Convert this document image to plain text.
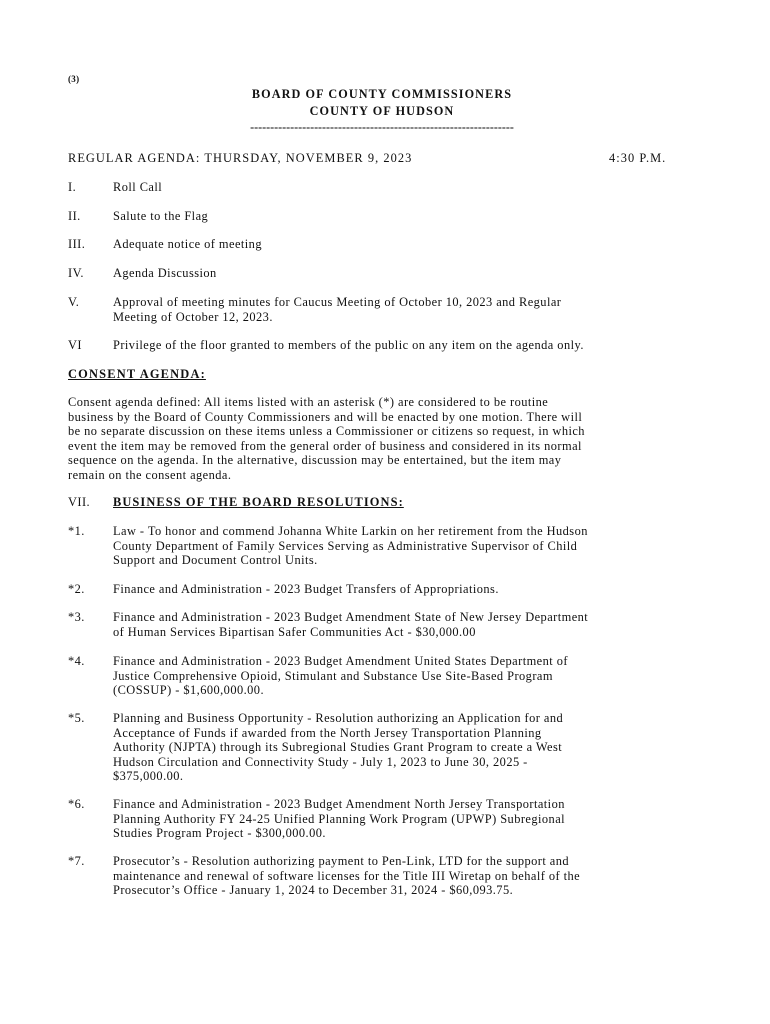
(3)
BOARD OF COUNTY COMMISSIONERS
COUNTY OF HUDSON
------------------------------------------------------------------
REGULAR AGENDA: THURSDAY, NOVEMBER 9, 2023	4:30 P.M.
I.	Roll Call
II.	Salute to the Flag
III. Adequate notice of meeting
IV. Agenda Discussion
V.	Approval of meeting minutes for Caucus Meeting of October 10, 2023 and Regular
Meeting of October 12, 2023.
VI	Privilege of the floor granted to members of the public on any item on the agenda only.
CONSENT AGENDA:
Consent agenda defined: All items listed with an asterisk (*) are considered to be routine
business by the Board of County Commissioners and will be enacted by one motion. There will
be no separate discussion on these items unless a Commissioner or citizens so request, in which
event the item may be removed from the general order of business and considered in its normal
sequence on the agenda. In the alternative, discussion may be entertained, but the item may
remain on the consent agenda.
VII. BUSINESS OF THE BOARD RESOLUTIONS:
*1. Law - To honor and commend Johanna White Larkin on her retirement from the Hudson
County Department of Family Services Serving as Administrative Supervisor of Child
Support and Document Control Units.
*2. Finance and Administration - 2023 Budget Transfers of Appropriations.
*3. Finance and Administration - 2023 Budget Amendment State of New Jersey Department
of Human Services Bipartisan Safer Communities Act - $30,000.00
*4. Finance and Administration - 2023 Budget Amendment United States Department of
Justice Comprehensive Opioid, Stimulant and Substance Use Site-Based Program
(COSSUP) - $1,600,000.00.
*5. Planning and Business Opportunity - Resolution authorizing an Application for and
Acceptance of Funds if awarded from the North Jersey Transportation Planning
Authority (NJPTA) through its Subregional Studies Grant Program to create a West
Hudson Circulation and Connectivity Study - July 1, 2023 to June 30, 2025 -
$375,000.00.
*6. Finance and Administration - 2023 Budget Amendment North Jersey Transportation
Planning Authority FY 24-25 Unified Planning Work Program (UPWP) Subregional
Studies Program Project - $300,000.00.
*7. Prosecutor’s - Resolution authorizing payment to Pen-Link, LTD for the support and
maintenance and renewal of software licenses for the Title III Wiretap on behalf of the
Prosecutor’s Office - January 1, 2024 to December 31, 2024 - $60,093.75.
